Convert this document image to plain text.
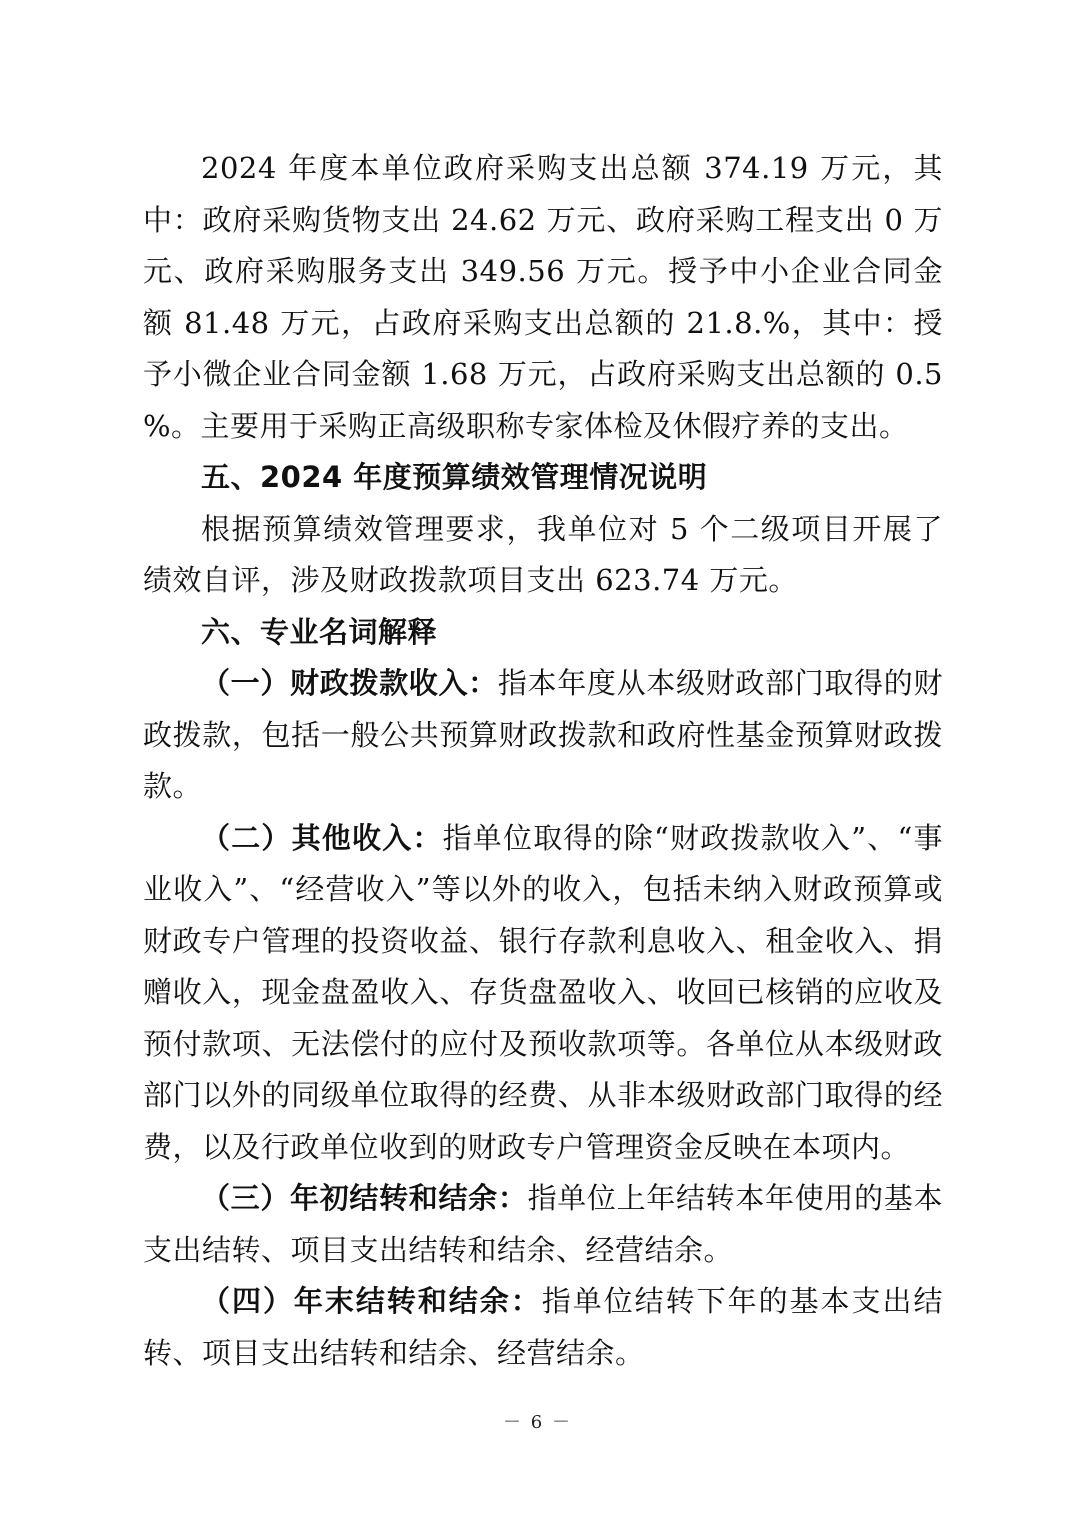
2024 年度本单位政府采购支出总额 374.19 万元，其中：政府采购货物支出 24.62 万元、政府采购工程支出 0 万元、政府采购服务支出 349.56 万元。授予中小企业合同金额 81.48 万元，占政府采购支出总额的 21.8.%，其中：授予小微企业合同金额 1.68 万元，占政府采购支出总额的 0.5 %。主要用于采购正高级职称专家体检及休假疗养的支出。

五、2024 年度预算绩效管理情况说明

根据预算绩效管理要求，我单位对 5 个二级项目开展了绩效自评，涉及财政拨款项目支出 623.74 万元。

六、专业名词解释

（一）财政拨款收入：指本年度从本级财政部门取得的财政拨款，包括一般公共预算财政拨款和政府性基金预算财政拨款。

（二）其他收入：指单位取得的除“财政拨款收入”、“事业收入”、“经营收入”等以外的收入，包括未纳入财政预算或财政专户管理的投资收益、银行存款利息收入、租金收入、捐赠收入，现金盘盈收入、存货盘盈收入、收回已核销的应收及预付款项、无法偿付的应付及预收款项等。各单位从本级财政部门以外的同级单位取得的经费、从非本级财政部门取得的经费，以及行政单位收到的财政专户管理资金反映在本项内。

（三）年初结转和结余：指单位上年结转本年使用的基本支出结转、项目支出结转和结余、经营结余。

（四）年末结转和结余：指单位结转下年的基本支出结转、项目支出结转和结余、经营结余。

－ 6 －
